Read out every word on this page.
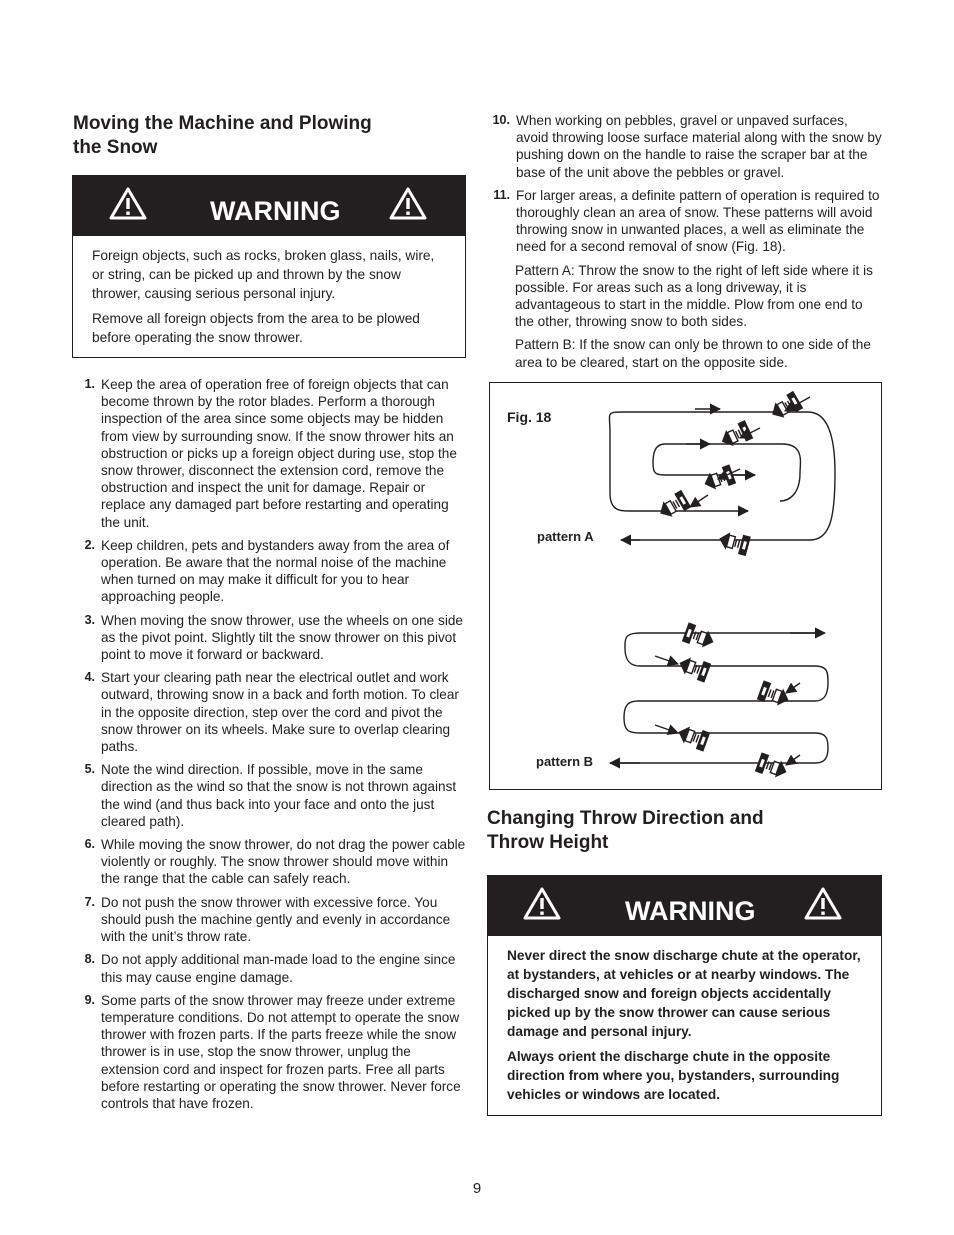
Moving the Machine and Plowing
the Snow
WARNING

Foreign objects, such as rocks, broken glass, nails, wire, or string, can be picked up and thrown by the snow thrower, causing serious personal injury.

Remove all foreign objects from the area to be plowed before operating the snow thrower.

1. Keep the area of operation free of foreign objects that can become thrown by the rotor blades. Perform a thorough inspection of the area since some objects may be hidden from view by surrounding snow. If the snow thrower hits an obstruction or picks up a foreign object during use, stop the snow thrower, disconnect the extension cord, remove the obstruction and inspect the unit for damage. Repair or replace any damaged part before restarting and operating the unit.
2. Keep children, pets and bystanders away from the area of operation. Be aware that the normal noise of the machine when turned on may make it difficult for you to hear approaching people.
3. When moving the snow thrower, use the wheels on one side as the pivot point. Slightly tilt the snow thrower on this pivot point to move it forward or backward.
4. Start your clearing path near the electrical outlet and work outward, throwing snow in a back and forth motion. To clear in the opposite direction, step over the cord and pivot the snow thrower on its wheels. Make sure to overlap clearing paths.
5. Note the wind direction. If possible, move in the same direction as the wind so that the snow is not thrown against the wind (and thus back into your face and onto the just cleared path).
6. While moving the snow thrower, do not drag the power cable violently or roughly. The snow thrower should move within the range that the cable can safely reach.
7. Do not push the snow thrower with excessive force. You should push the machine gently and evenly in accordance with the unit’s throw rate.
8. Do not apply additional man-made load to the engine since this may cause engine damage.
9. Some parts of the snow thrower may freeze under extreme temperature conditions. Do not attempt to operate the snow thrower with frozen parts. If the parts freeze while the snow thrower is in use, stop the snow thrower, unplug the extension cord and inspect for frozen parts. Free all parts before restarting or operating the snow thrower. Never force controls that have frozen.
10. When working on pebbles, gravel or unpaved surfaces, avoid throwing loose surface material along with the snow by pushing down on the handle to raise the scraper bar at the base of the unit above the pebbles or gravel.
11. For larger areas, a definite pattern of operation is required to thoroughly clean an area of snow. These patterns will avoid throwing snow in unwanted places, a well as eliminate the need for a second removal of snow (Fig. 18).
Pattern A: Throw the snow to the right of left side where it is possible. For areas such as a long driveway, it is advantageous to start in the middle. Plow from one end to the other, throwing snow to both sides.
Pattern B: If the snow can only be thrown to one side of the area to be cleared, start on the opposite side.
Fig. 18
pattern A
pattern B
Changing Throw Direction and
Throw Height
WARNING

Never direct the snow discharge chute at the operator, at bystanders, at vehicles or at nearby windows. The discharged snow and foreign objects accidentally picked up by the snow thrower can cause serious damage and personal injury.

Always orient the discharge chute in the opposite direction from where you, bystanders, surrounding vehicles or windows are located.

9
